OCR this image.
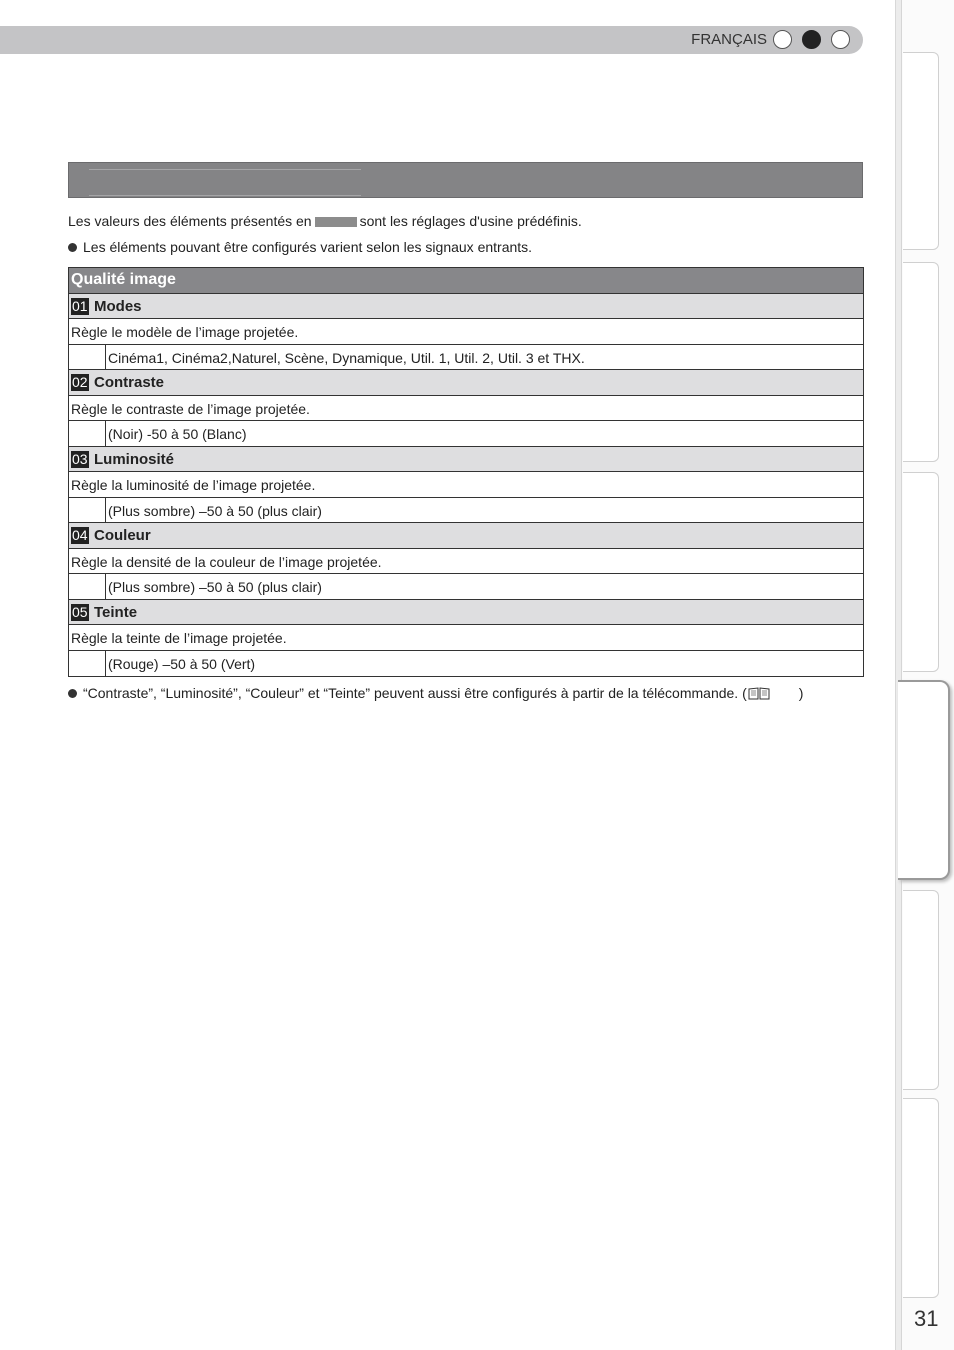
FRANÇAIS
31
Les valeurs des éléments présentés en	sont les réglages d'usine prédéfinis.
Les éléments pouvant être configurés varient selon les signaux entrants.
Qualité image
01 Modes
Règle le modèle de l’image projetée.
Cinéma1, Cinéma2,Naturel, Scène, Dynamique, Util. 1, Util. 2, Util. 3 et THX.
02 Contraste
Règle le contraste de l’image projetée.
(Noir) -50 à 50 (Blanc)
03 Luminosité
Règle la luminosité de l’image projetée.
(Plus sombre) –50 à 50 (plus clair)
04 Couleur
Règle la densité de la couleur de l’image projetée.
(Plus sombre) –50 à 50 (plus clair)
05 Teinte
Règle la teinte de l’image projetée.
(Rouge) –50 à 50 (Vert)
“Contraste”, “Luminosité”, “Couleur” et “Teinte” peuvent aussi être configurés à partir de la télécommande. (	)
